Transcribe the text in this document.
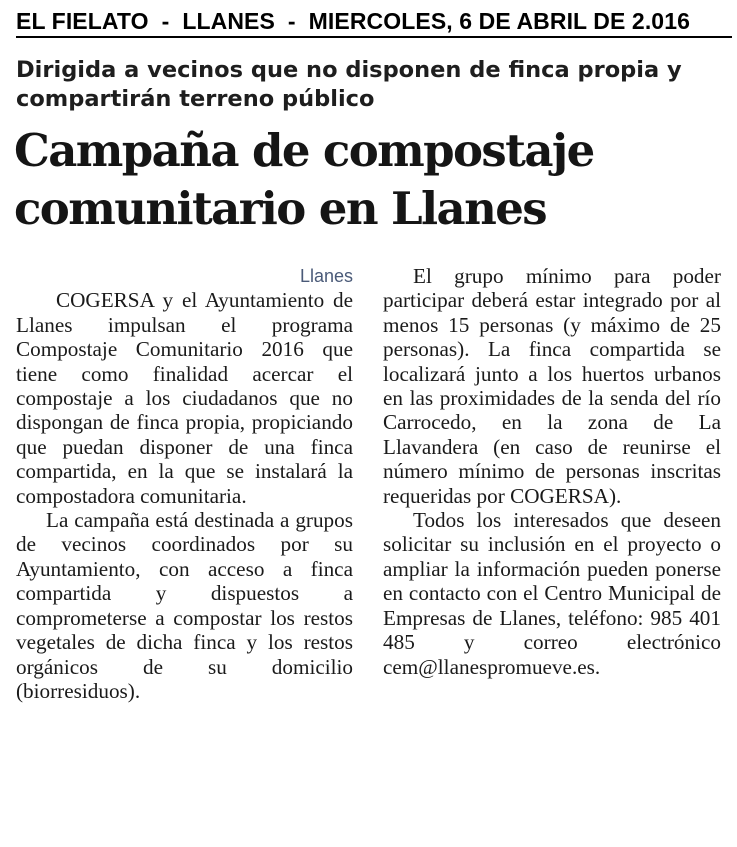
EL FIELATO  -  LLANES  -  MIERCOLES, 6 DE ABRIL DE 2.016
Dirigida a vecinos que no disponen de finca propia y compartirán terreno público
Campaña de compostaje comunitario en Llanes
Llanes

COGERSA y el Ayuntamiento de Llanes impulsan el programa Compostaje Comunitario 2016 que tiene como finalidad acercar el compostaje a los ciudadanos que no dispongan de finca propia, propiciando que puedan disponer de una finca compartida, en la que se instalará la compostadora comunitaria.

La campaña está destinada a grupos de vecinos coordinados por su Ayuntamiento, con acceso a finca compartida y dispuestos a comprometerse a compostar los restos vegetales de dicha finca y los restos orgánicos de su domicilio (biorresiduos).

El grupo mínimo para poder participar deberá estar integrado por al menos 15 personas (y máximo de 25 personas). La finca compartida se localizará junto a los huertos urbanos en las proximidades de la senda del río Carrocedo, en la zona de La Llavandera (en caso de reunirse el número mínimo de personas inscritas requeridas por COGERSA).

Todos los interesados que deseen solicitar su inclusión en el proyecto o ampliar la información pueden ponerse en contacto con el Centro Municipal de Empresas de Llanes, teléfono: 985 401 485 y correo electrónico cem@llanespromueve.es.
